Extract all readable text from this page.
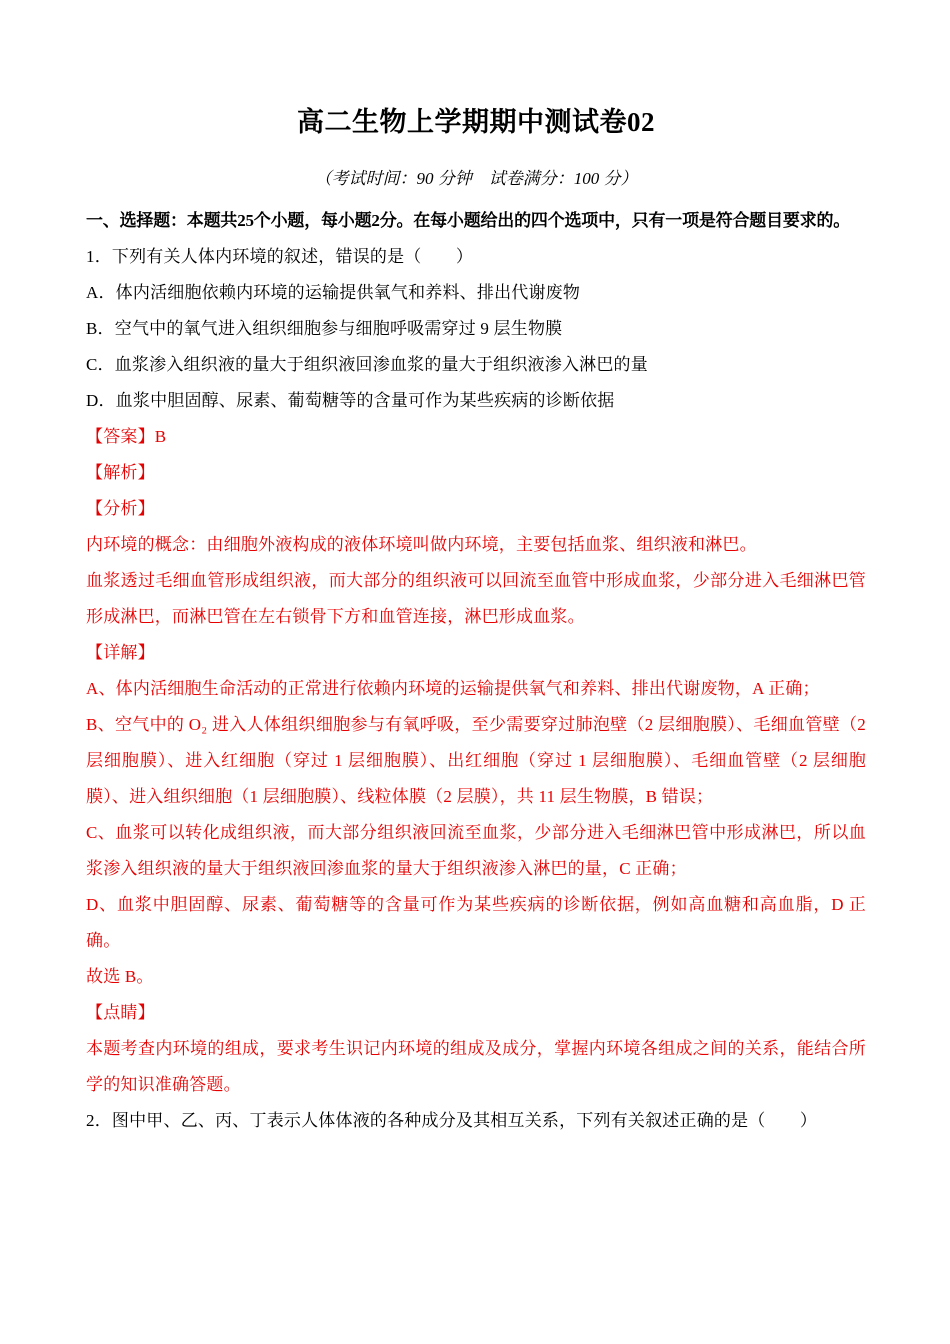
高二生物上学期期中测试卷02

（考试时间：90 分钟　试卷满分：100 分）

一、选择题：本题共25个小题，每小题2分。在每小题给出的四个选项中，只有一项是符合题目要求的。

1．下列有关人体内环境的叙述，错误的是（　　）

A．体内活细胞依赖内环境的运输提供氧气和养料、排出代谢废物

B．空气中的氧气进入组织细胞参与细胞呼吸需穿过 9 层生物膜

C．血浆渗入组织液的量大于组织液回渗血浆的量大于组织液渗入淋巴的量

D．血浆中胆固醇、尿素、葡萄糖等的含量可作为某些疾病的诊断依据

【答案】B

【解析】

【分析】

内环境的概念：由细胞外液构成的液体环境叫做内环境，主要包括血浆、组织液和淋巴。

血浆透过毛细血管形成组织液，而大部分的组织液可以回流至血管中形成血浆，少部分进入毛细淋巴管形成淋巴，而淋巴管在左右锁骨下方和血管连接，淋巴形成血浆。

【详解】

A、体内活细胞生命活动的正常进行依赖内环境的运输提供氧气和养料、排出代谢废物，A 正确；

B、空气中的 O₂ 进入人体组织细胞参与有氧呼吸，至少需要穿过肺泡壁（2 层细胞膜）、毛细血管壁（2 层细胞膜）、进入红细胞（穿过 1 层细胞膜）、出红细胞（穿过 1 层细胞膜）、毛细血管壁（2 层细胞膜）、进入组织细胞（1 层细胞膜）、线粒体膜（2 层膜），共 11 层生物膜，B 错误；

C、血浆可以转化成组织液，而大部分组织液回流至血浆，少部分进入毛细淋巴管中形成淋巴，所以血浆渗入组织液的量大于组织液回渗血浆的量大于组织液渗入淋巴的量，C 正确；

D、血浆中胆固醇、尿素、葡萄糖等的含量可作为某些疾病的诊断依据，例如高血糖和高血脂，D 正确。

故选 B。

【点睛】

本题考查内环境的组成，要求考生识记内环境的组成及成分，掌握内环境各组成之间的关系，能结合所学的知识准确答题。

2．图中甲、乙、丙、丁表示人体体液的各种成分及其相互关系，下列有关叙述正确的是（　　）
